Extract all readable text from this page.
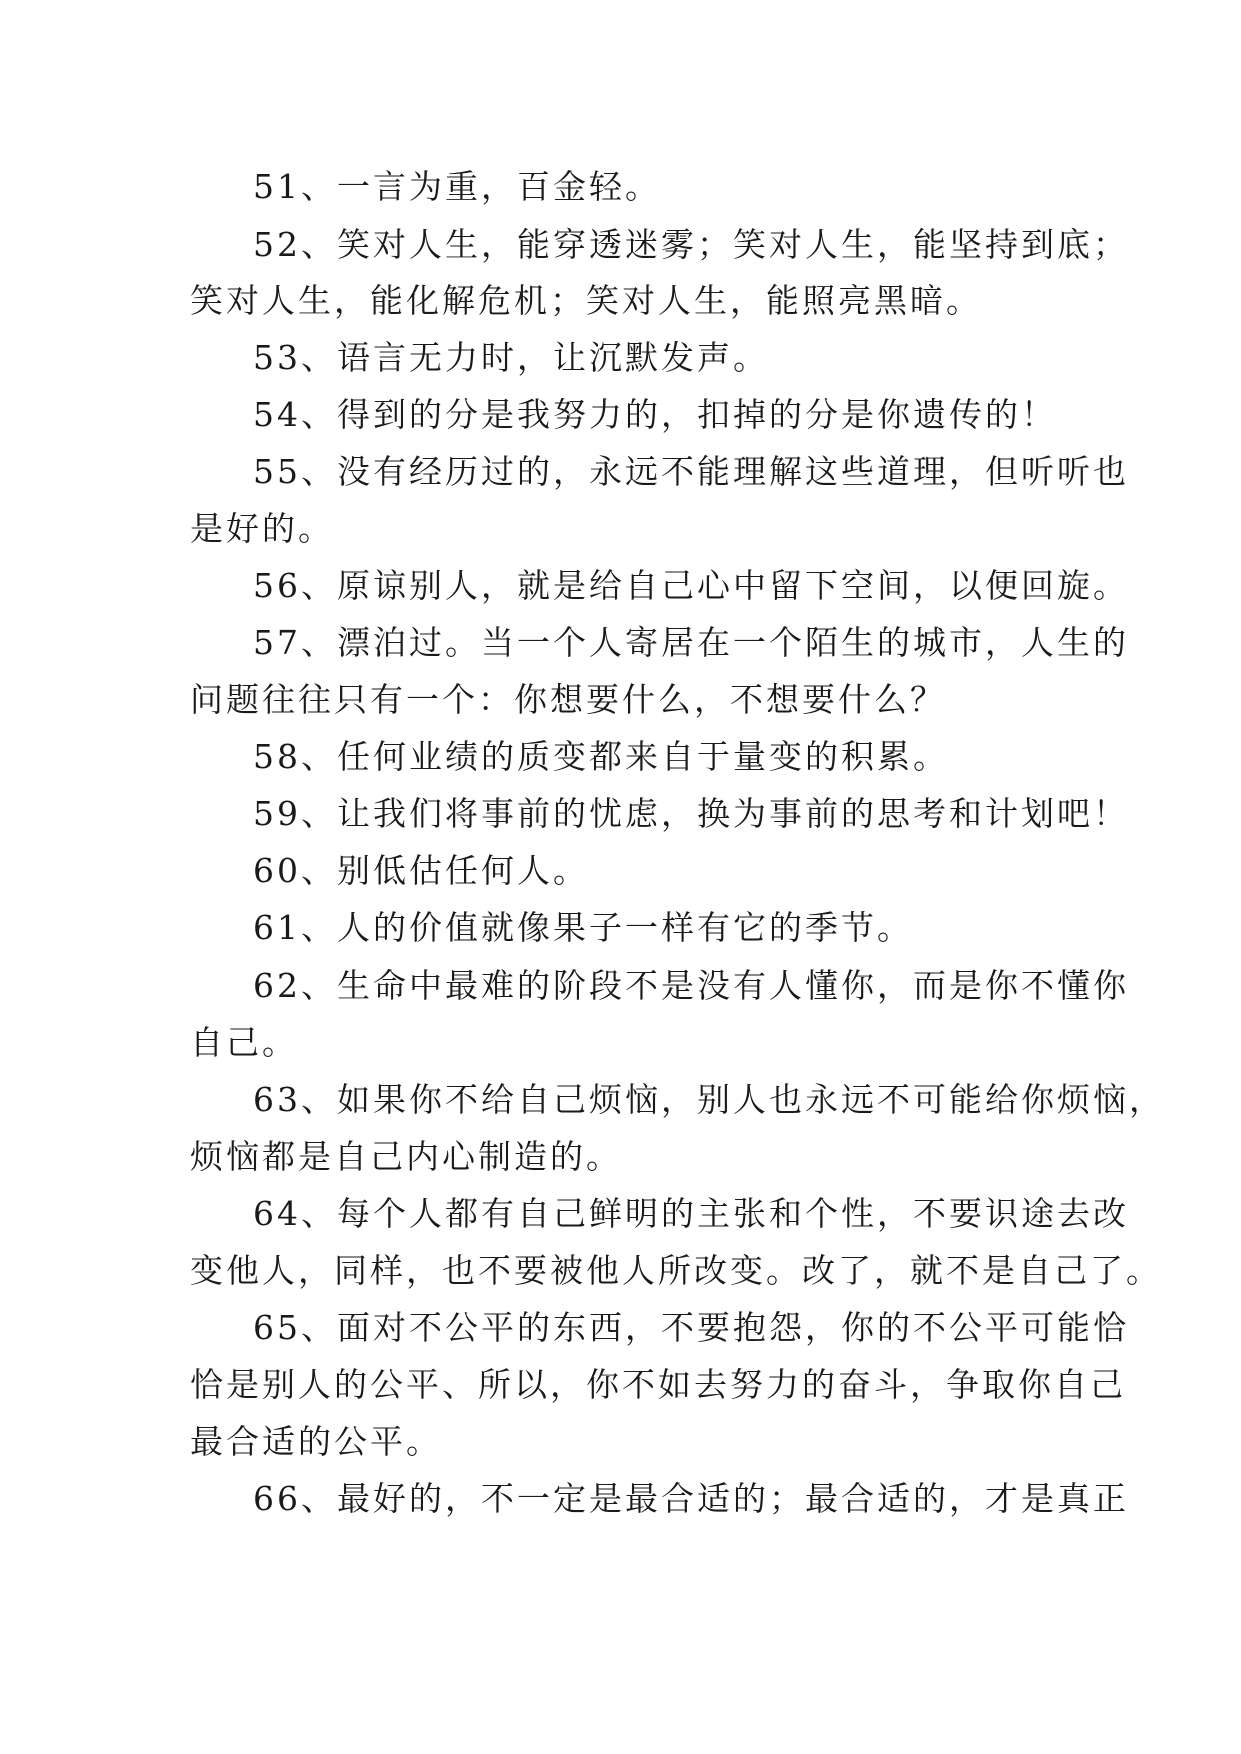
51、一言为重，百金轻。
52、笑对人生，能穿透迷雾；笑对人生，能坚持到底；
笑对人生，能化解危机；笑对人生，能照亮黑暗。
53、语言无力时，让沉默发声。
54、得到的分是我努力的，扣掉的分是你遗传的！
55、没有经历过的，永远不能理解这些道理，但听听也
是好的。
56、原谅别人，就是给自己心中留下空间，以便回旋。
57、漂泊过。当一个人寄居在一个陌生的城市，人生的
问题往往只有一个：你想要什么，不想要什么？
58、任何业绩的质变都来自于量变的积累。
59、让我们将事前的忧虑，换为事前的思考和计划吧！
60、别低估任何人。
61、人的价值就像果子一样有它的季节。
62、生命中最难的阶段不是没有人懂你，而是你不懂你
自己。
63、如果你不给自己烦恼，别人也永远不可能给你烦恼，
烦恼都是自己内心制造的。
64、每个人都有自己鲜明的主张和个性，不要识途去改
变他人，同样，也不要被他人所改变。改了，就不是自己了。
65、面对不公平的东西，不要抱怨，你的不公平可能恰
恰是别人的公平、所以，你不如去努力的奋斗，争取你自己
最合适的公平。
66、最好的，不一定是最合适的；最合适的，才是真正
